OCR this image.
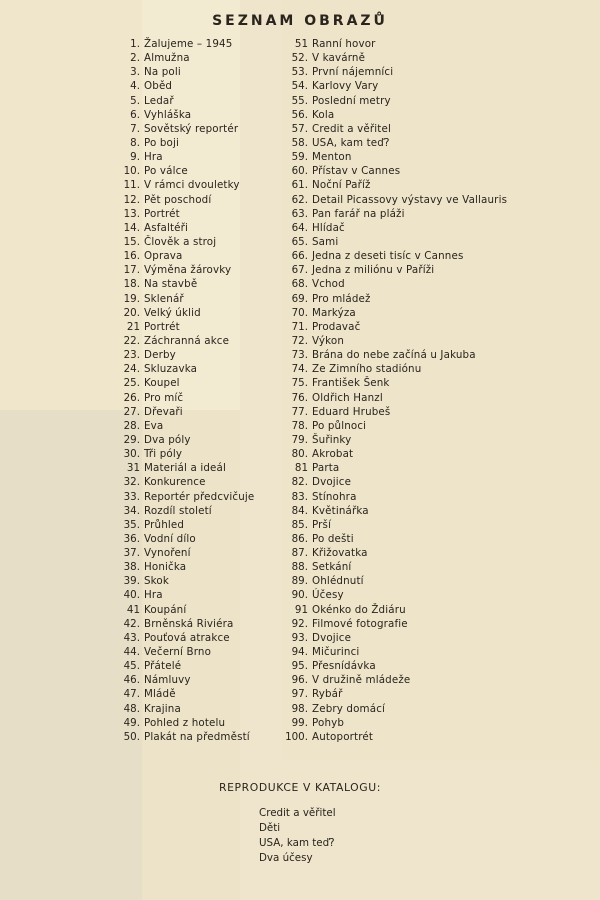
SEZNAM OBRAZŮ
1. Žalujeme – 1945
2. Almužna
3. Na poli
4. Oběd
5. Ledař
6. Vyhláška
7. Sovětský reportér
8. Po boji
9. Hra
10. Po válce
11. V rámci dvouletky
12. Pět poschodí
13. Portrét
14. Asfaltéři
15. Člověk a stroj
16. Oprava
17. Výměna žárovky
18. Na stavbě
19. Sklenář
20. Velký úklid
21 Portrét
22. Záchranná akce
23. Derby
24. Skluzavka
25. Koupel
26. Pro míč
27. Dřevaři
28. Eva
29. Dva póly
30. Tři póly
31 Materiál a ideál
32. Konkurence
33. Reportér předcvičuje
34. Rozdíl století
35. Průhled
36. Vodní dílo
37. Vynoření
38. Honička
39. Skok
40. Hra
41 Koupání
42. Brněnská Riviéra
43. Pouťová atrakce
44. Večerní Brno
45. Přátelé
46. Námluvy
47. Mládě
48. Krajina
49. Pohled z hotelu
50. Plakát na předměstí
51 Ranní hovor
52. V kavárně
53. První nájemníci
54. Karlovy Vary
55. Poslední metry
56. Kola
57. Credit a věřitel
58. USA, kam teď?
59. Menton
60. Přístav v Cannes
61. Noční Paříž
62. Detail Picassovy výstavy ve Vallauris
63. Pan farář na pláži
64. Hlídač
65. Sami
66. Jedna z deseti tisíc v Cannes
67. Jedna z miliónu v Paříži
68. Vchod
69. Pro mládež
70. Markýza
71. Prodavač
72. Výkon
73. Brána do nebe začíná u Jakuba
74. Ze Zimního stadiónu
75. František Šenk
76. Oldřich Hanzl
77. Eduard Hrubeš
78. Po půlnoci
79. Šuřinky
80. Akrobat
81 Parta
82. Dvojice
83. Stínohra
84. Květinářka
85. Prší
86. Po dešti
87. Křižovatka
88. Setkání
89. Ohlédnutí
90. Účesy
91 Okénko do Ždiáru
92. Filmové fotografie
93. Dvojice
94. Mičurinci
95. Přesnídávka
96. V družině mládeže
97. Rybář
98. Zebry domácí
99. Pohyb
100. Autoportrét
REPRODUKCE V KATALOGU:
Credit a věřitel
Děti
USA, kam teď?
Dva účesy
